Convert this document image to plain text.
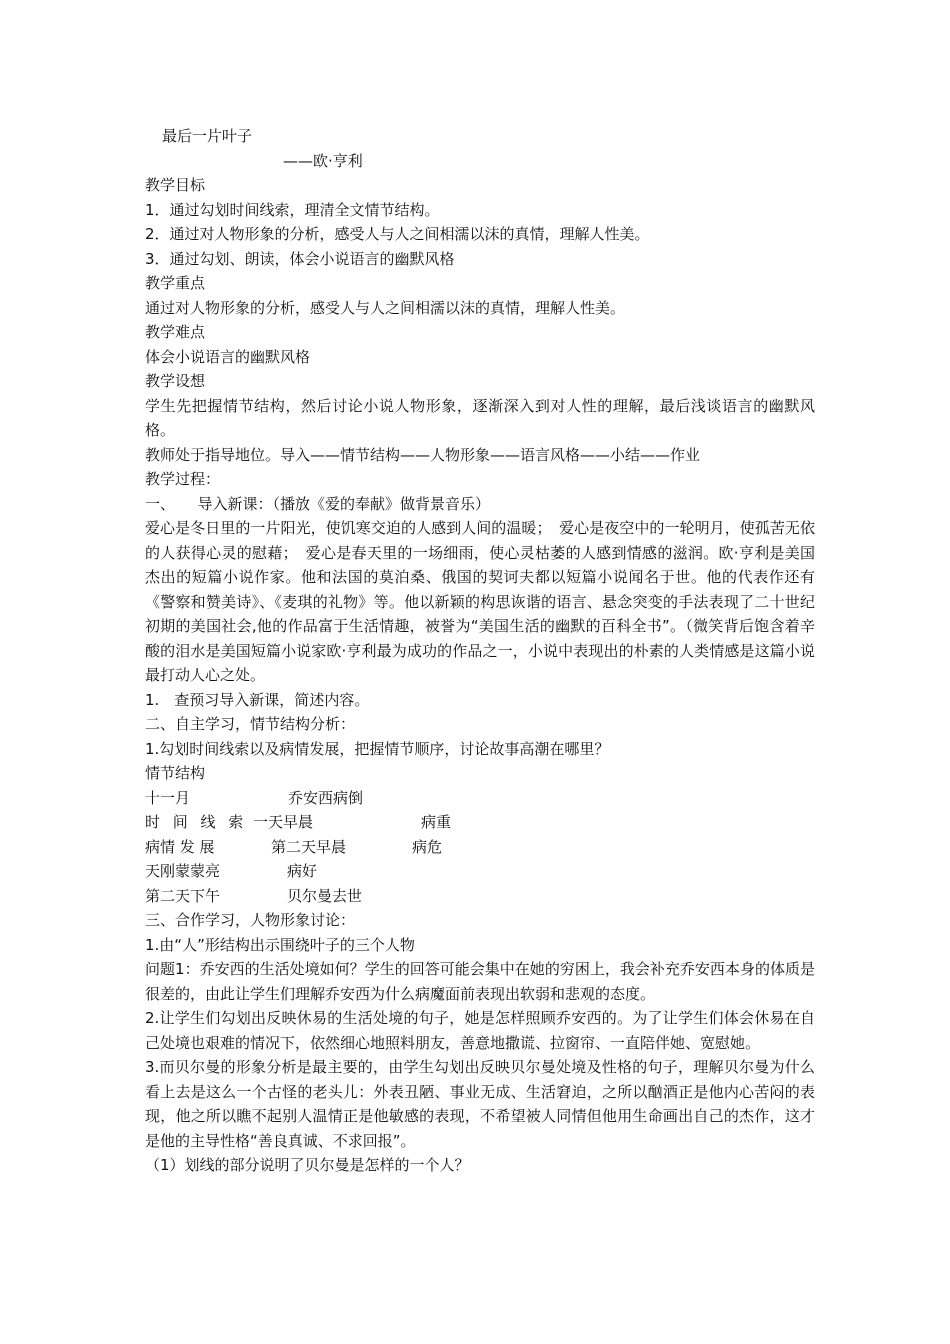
最后一片叶子
——欧·亨利
教学目标
1．通过勾划时间线索，理清全文情节结构。
2．通过对人物形象的分析，感受人与人之间相濡以沫的真情，理解人性美。
3．通过勾划、朗读，体会小说语言的幽默风格
教学重点
通过对人物形象的分析，感受人与人之间相濡以沫的真情，理解人性美。
教学难点
体会小说语言的幽默风格
教学设想
学生先把握情节结构，然后讨论小说人物形象，逐渐深入到对人性的理解，最后浅谈语言的幽默风格。
教师处于指导地位。导入——情节结构——人物形象——语言风格——小结——作业
教学过程：
一、　　导入新课：（播放《爱的奉献》做背景音乐）
爱心是冬日里的一片阳光，使饥寒交迫的人感到人间的温暖；　爱心是夜空中的一轮明月，使孤苦无依的人获得心灵的慰藉；　爱心是春天里的一场细雨，使心灵枯萎的人感到情感的滋润。欧·亨利是美国杰出的短篇小说作家。他和法国的莫泊桑、俄国的契诃夫都以短篇小说闻名于世。他的代表作还有《警察和赞美诗》、《麦琪的礼物》等。他以新颖的构思诙谐的语言、悬念突变的手法表现了二十世纪初期的美国社会,他的作品富于生活情趣，被誉为“美国生活的幽默的百科全书”。（微笑背后饱含着辛酸的泪水是美国短篇小说家欧·亨利最为成功的作品之一，小说中表现出的朴素的人类情感是这篇小说最打动人心之处。
1.　查预习导入新课，简述内容。
二、自主学习，情节结构分析：
1.勾划时间线索以及病情发展，把握情节顺序，讨论故事高潮在哪里？
情节结构
十一月	乔安西病倒
时 间 线 索 一天早晨	病重
病情 发 展	第二天早晨	病危
天刚蒙蒙亮	病好
第二天下午	贝尔曼去世
三、合作学习，人物形象讨论：
1.由“人”形结构出示围绕叶子的三个人物
问题1：乔安西的生活处境如何？学生的回答可能会集中在她的穷困上，我会补充乔安西本身的体质是很差的，由此让学生们理解乔安西为什么病魔面前表现出软弱和悲观的态度。
2.让学生们勾划出反映休易的生活处境的句子，她是怎样照顾乔安西的。为了让学生们体会休易在自己处境也艰难的情况下，依然细心地照料朋友，善意地撒谎、拉窗帘、一直陪伴她、宽慰她。
3.而贝尔曼的形象分析是最主要的，由学生勾划出反映贝尔曼处境及性格的句子，理解贝尔曼为什么看上去是这么一个古怪的老头儿：外表丑陋、事业无成、生活窘迫，之所以酗酒正是他内心苦闷的表现，他之所以瞧不起别人温情正是他敏感的表现，不希望被人同情但他用生命画出自己的杰作，这才是他的主导性格“善良真诚、不求回报”。
（1）划线的部分说明了贝尔曼是怎样的一个人？
